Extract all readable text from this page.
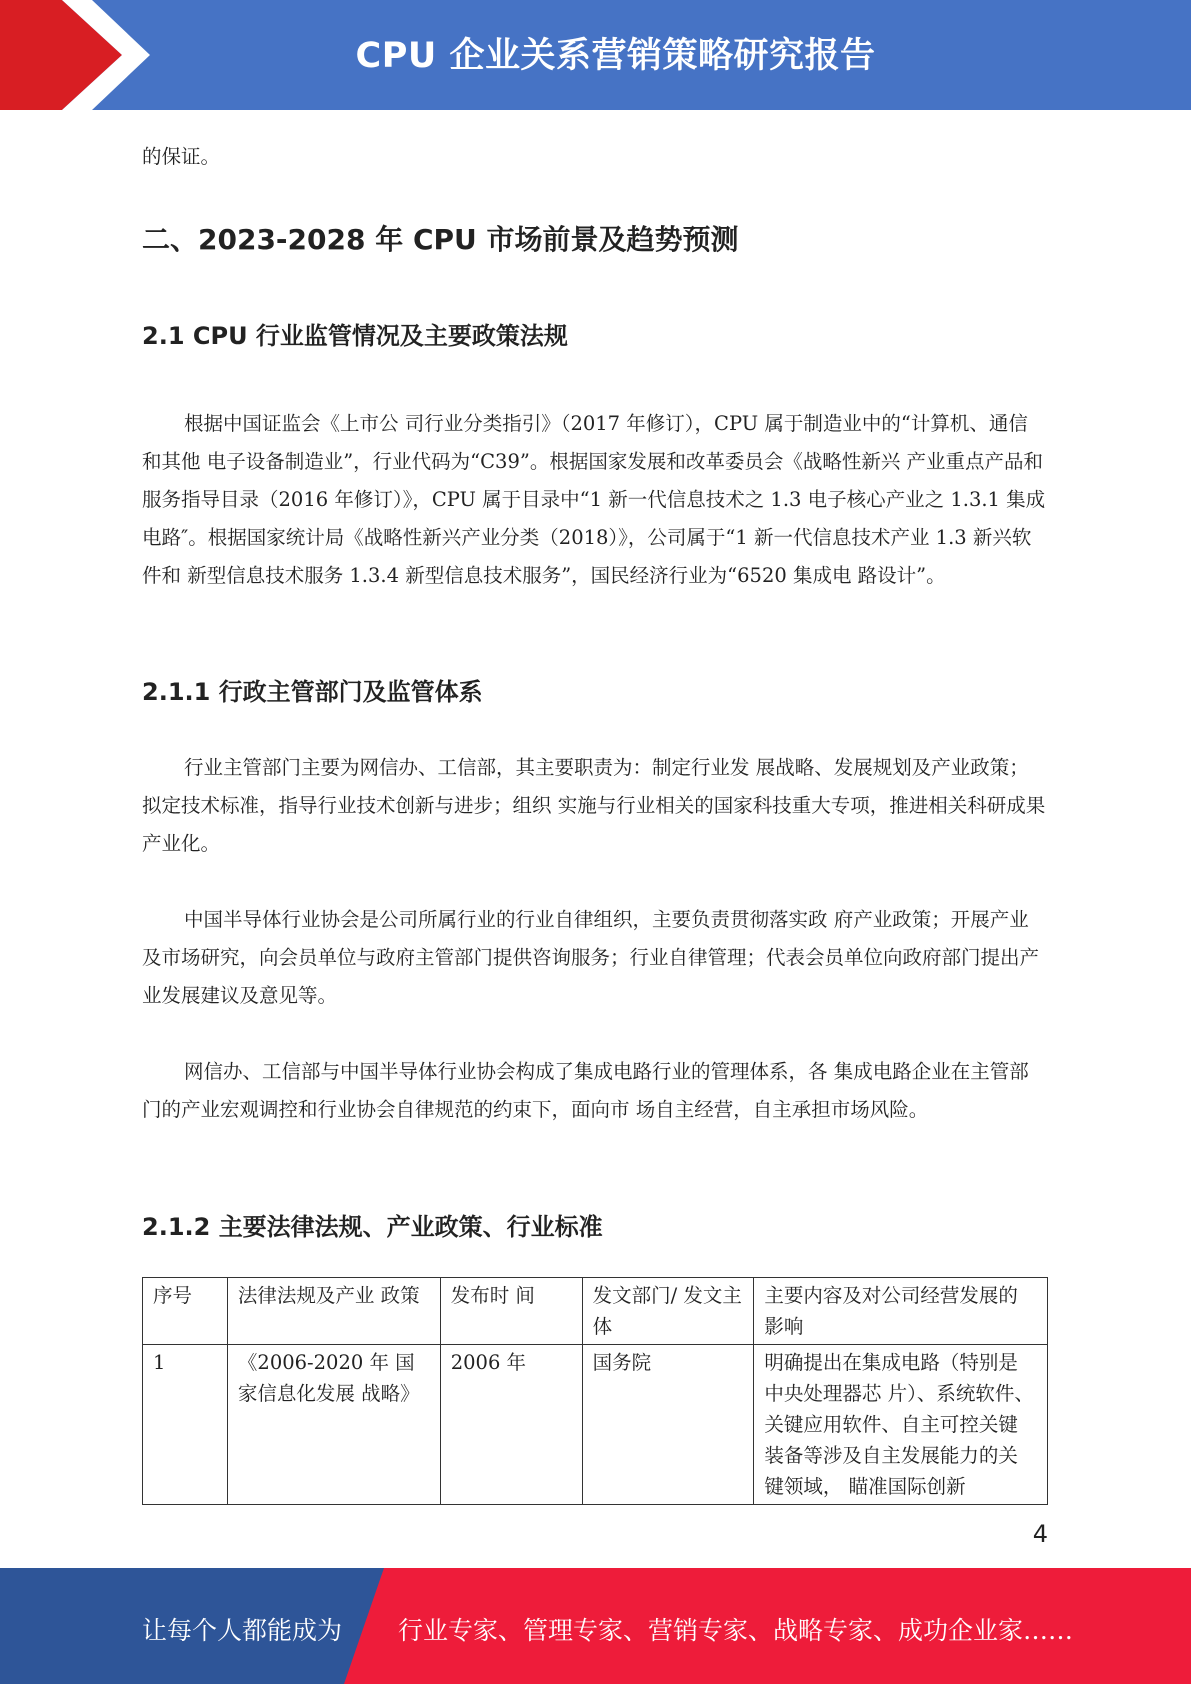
CPU 企业关系营销策略研究报告

的保证。

二、2023-2028 年 CPU 市场前景及趋势预测
2.1 CPU 行业监管情况及主要政策法规

根据中国证监会《上市公 司行业分类指引》（2017 年修订），CPU 属于制造业中的“计算机、通信和其他 电子设备制造业”，行业代码为“C39”。根据国家发展和改革委员会《战略性新兴 产业重点产品和服务指导目录（2016 年修订）》，CPU 属于目录中“1 新一代信息技术之 1.3 电子核心产业之 1.3.1 集成电路″。根据国家统计局《战略性新兴产业分类（2018）》，公司属于“1 新一代信息技术产业 1.3 新兴软件和 新型信息技术服务 1.3.4 新型信息技术服务”，国民经济行业为“6520 集成电 路设计”。

2.1.1 行政主管部门及监管体系

行业主管部门主要为网信办、工信部，其主要职责为：制定行业发 展战略、发展规划及产业政策；拟定技术标准，指导行业技术创新与进步；组织 实施与行业相关的国家科技重大专项，推进相关科研成果产业化。

中国半导体行业协会是公司所属行业的行业自律组织，主要负责贯彻落实政 府产业政策；开展产业及市场研究，向会员单位与政府主管部门提供咨询服务；行业自律管理；代表会员单位向政府部门提出产业发展建议及意见等。

网信办、工信部与中国半导体行业协会构成了集成电路行业的管理体系，各 集成电路企业在主管部门的产业宏观调控和行业协会自律规范的约束下，面向市 场自主经营，自主承担市场风险。

2.1.2 主要法律法规、产业政策、行业标准
序号	法律法规及产业 政策	发布时 间	发文部门/ 发文主体	主要内容及对公司经营发展的影响
1	《2006-2020 年 国家信息化发展 战略》	2006 年	国务院	明确提出在集成电路（特别是中央处理器芯 片）、系统软件、关键应用软件、自主可控关键装备等涉及自主发展能力的关键领域， 瞄准国际创新
4
让每个人都能成为 行业专家、管理专家、营销专家、战略专家、成功企业家……
